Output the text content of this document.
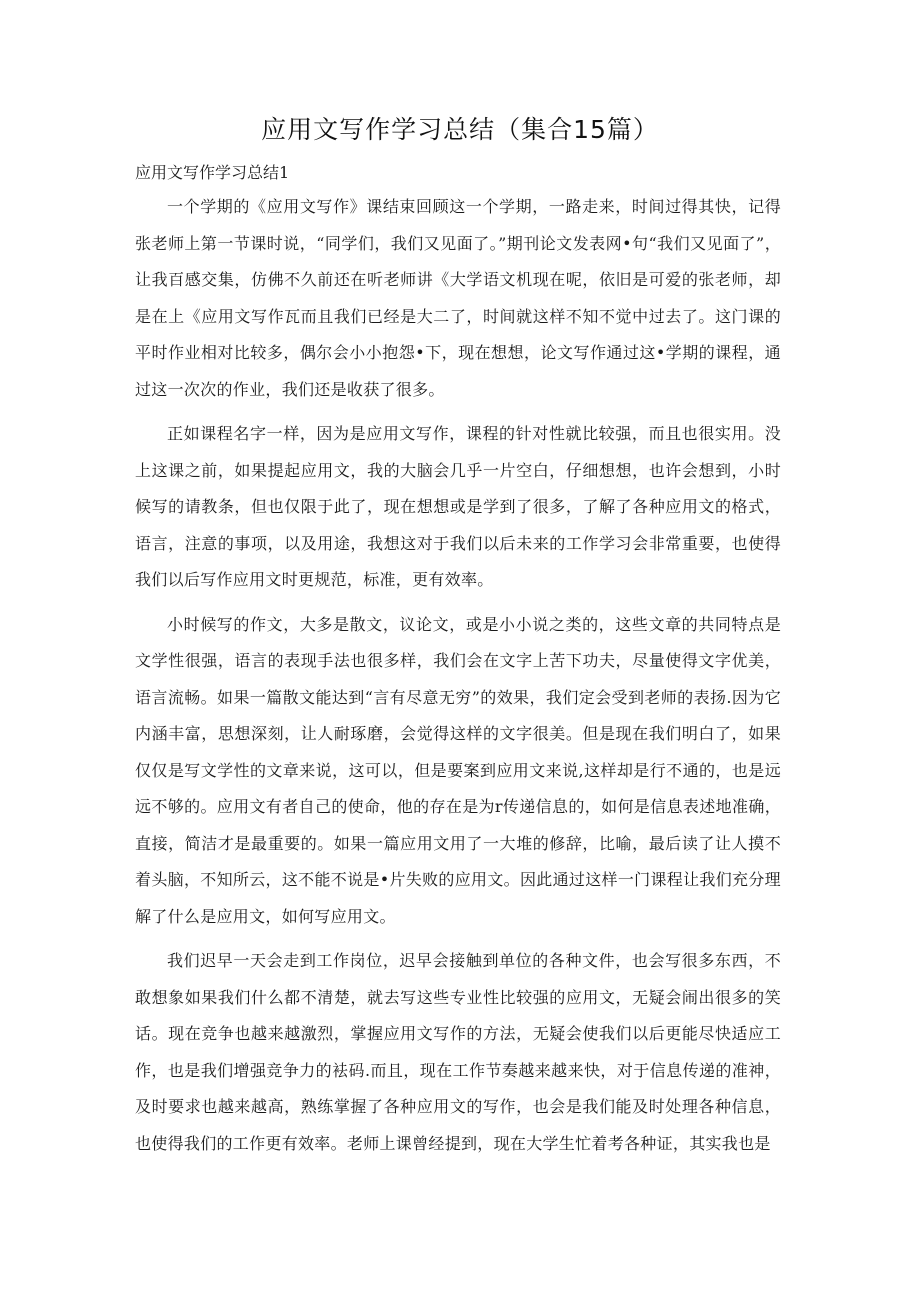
应用文写作学习总结（集合15篇）

应用文写作学习总结1

一个学期的《应用文写作》课结束回顾这一个学期，一路走来，时间过得其快，记得张老师上第一节课时说，“同学们，我们又见面了。”期刊论文发表网•句“我们又见面了”，让我百感交集，仿佛不久前还在听老师讲《大学语文机现在呢，依旧是可爱的张老师，却是在上《应用文写作瓦而且我们已经是大二了，时间就这样不知不觉中过去了。这门课的平时作业相对比较多，偶尔会小小抱怨•下，现在想想，论文写作通过这•学期的课程，通过这一次次的作业，我们还是收获了很多。

正如课程名字一样，因为是应用文写作，课程的针对性就比较强，而且也很实用。没上这课之前，如果提起应用文，我的大脑会几乎一片空白，仔细想想，也许会想到，小时候写的请教条，但也仅限于此了，现在想想或是学到了很多，了解了各种应用文的格式，语言，注意的事项，以及用途，我想这对于我们以后未来的工作学习会非常重要，也使得我们以后写作应用文时更规范，标准，更有效率。

小时候写的作文，大多是散文，议论文，或是小小说之类的，这些文章的共同特点是文学性很强，语言的表现手法也很多样，我们会在文字上苦下功夫，尽量使得文字优美，语言流畅。如果一篇散文能达到“言有尽意无穷”的效果，我们定会受到老师的表扬.因为它内涵丰富，思想深刻，让人耐琢磨，会觉得这样的文字很美。但是现在我们明白了，如果仅仅是写文学性的文章来说，这可以，但是要案到应用文来说,这样却是行不通的，也是远远不够的。应用文有者自己的使命，他的存在是为r传递信息的，如何是信息表述地准确，直接，简洁才是最重要的。如果一篇应用文用了一大堆的修辞，比喻，最后读了让人摸不着头脑，不知所云，这不能不说是•片失败的应用文。因此通过这样一门课程让我们充分理解了什么是应用文，如何写应用文。

我们迟早一天会走到工作岗位，迟早会接触到单位的各种文件，也会写很多东西，不敢想象如果我们什么都不清楚，就去写这些专业性比较强的应用文，无疑会闹出很多的笑话。现在竞争也越来越激烈，掌握应用文写作的方法，无疑会使我们以后更能尽快适应工作，也是我们增强竞争力的袪码.而且，现在工作节奏越来越来快，对于信息传递的准神，及时要求也越来越高，熟练掌握了各种应用文的写作，也会是我们能及时处理各种信息，也使得我们的工作更有效率。老师上课曾经提到，现在大学生忙着考各种证，其实我也是
